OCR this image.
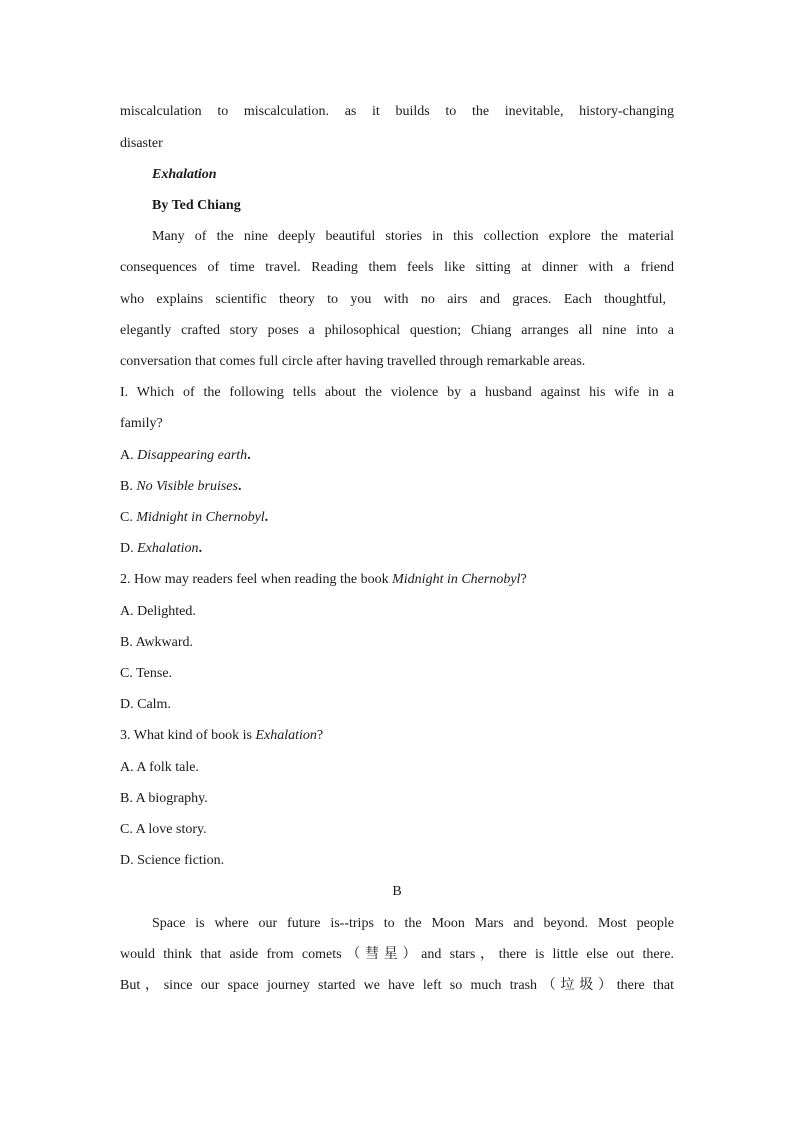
miscalculation to miscalculation. as it builds to the inevitable, history-changing
disaster
Exhalation
By Ted Chiang
Many of the nine deeply beautiful stories in this collection explore the material
consequences of time travel. Reading them feels like sitting at dinner with a friend
who explains scientific theory to you with no airs and graces. Each thoughtful,
elegantly crafted story poses a philosophical question; Chiang arranges all nine into a
conversation that comes full circle after having travelled through remarkable areas.
I. Which of the following tells about the violence by a husband against his wife in a
family?
A. Disappearing earth.
B. No Visible bruises.
C. Midnight in Chernobyl.
D. Exhalation.
2. How may readers feel when reading the book Midnight in Chernobyl?
A. Delighted.
B. Awkward.
C. Tense.
D. Calm.
3. What kind of book is Exhalation?
A. A folk tale.
B. A biography.
C. A love story.
D. Science fiction.
B
Space is where our future is--trips to the Moon Mars and beyond. Most people
would think that aside from comets（彗星）and stars，there is little else out there.
But，since our space journey started we have left so much trash（垃圾）there that
